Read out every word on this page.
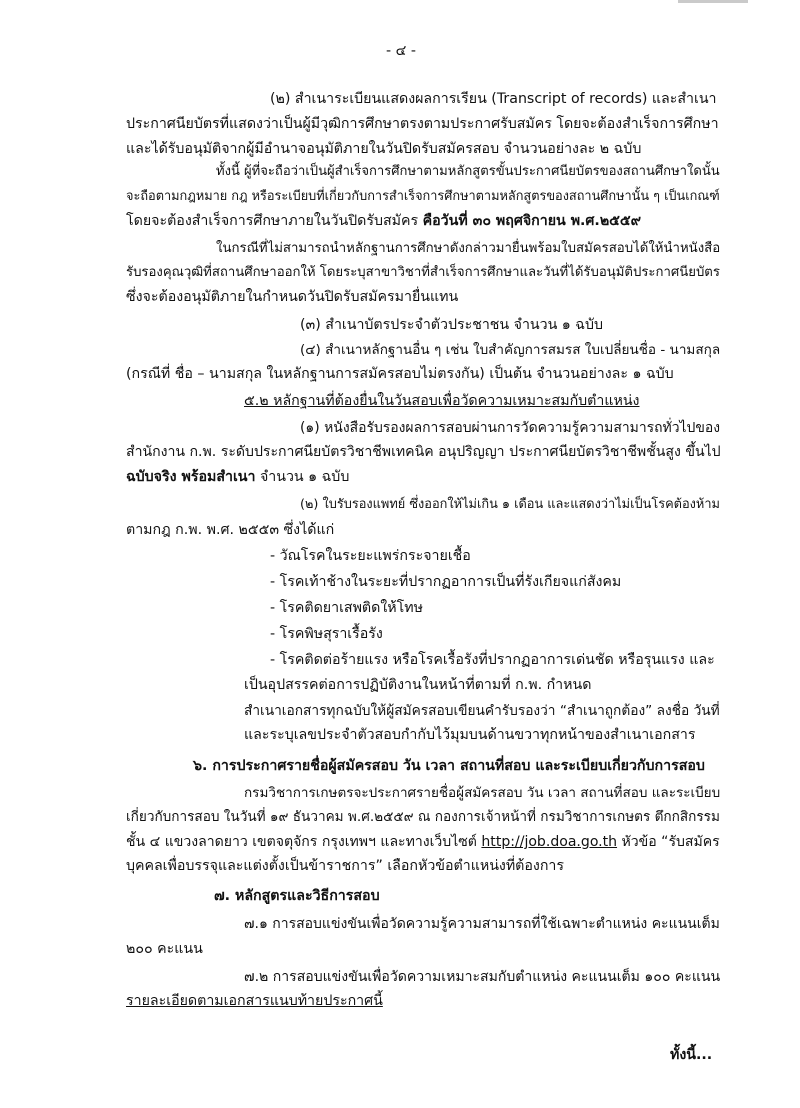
- ๔ -
(๒) สำเนาระเบียนแสดงผลการเรียน (Transcript of records) และสำเนา
ประกาศนียบัตรที่แสดงว่าเป็นผู้มีวุฒิการศึกษาตรงตามประกาศรับสมัคร โดยจะต้องสำเร็จการศึกษา
และได้รับอนุมัติจากผู้มีอำนาจอนุมัติภายในวันปิดรับสมัครสอบ จำนวนอย่างละ ๒ ฉบับ
ทั้งนี้ ผู้ที่จะถือว่าเป็นผู้สำเร็จการศึกษาตามหลักสูตรขั้นประกาศนียบัตรของสถานศึกษาใดนั้น
จะถือตามกฎหมาย กฎ หรือระเบียบที่เกี่ยวกับการสำเร็จการศึกษาตามหลักสูตรของสถานศึกษานั้น ๆ เป็นเกณฑ์
โดยจะต้องสำเร็จการศึกษาภายในวันปิดรับสมัคร คือวันที่ ๓๐ พฤศจิกายน พ.ศ.๒๕๕๙
ในกรณีที่ไม่สามารถนำหลักฐานการศึกษาดังกล่าวมายื่นพร้อมใบสมัครสอบได้ให้นำหนังสือ
รับรองคุณวุฒิที่สถานศึกษาออกให้ โดยระบุสาขาวิชาที่สำเร็จการศึกษาและวันที่ได้รับอนุมัติประกาศนียบัตร
ซึ่งจะต้องอนุมัติภายในกำหนดวันปิดรับสมัครมายื่นแทน
(๓) สำเนาบัตรประจำตัวประชาชน จำนวน ๑ ฉบับ
(๔) สำเนาหลักฐานอื่น ๆ เช่น ใบสำคัญการสมรส ใบเปลี่ยนชื่อ - นามสกุล
(กรณีที่ ชื่อ – นามสกุล ในหลักฐานการสมัครสอบไม่ตรงกัน) เป็นต้น จำนวนอย่างละ ๑ ฉบับ
๕.๒ หลักฐานที่ต้องยื่นในวันสอบเพื่อวัดความเหมาะสมกับตำแหน่ง
(๑) หนังสือรับรองผลการสอบผ่านการวัดความรู้ความสามารถทั่วไปของ
สำนักงาน ก.พ. ระดับประกาศนียบัตรวิชาชีพเทคนิค อนุปริญญา ประกาศนียบัตรวิชาชีพชั้นสูง ขึ้นไป
ฉบับจริง พร้อมสำเนา จำนวน ๑ ฉบับ
(๒) ใบรับรองแพทย์ ซึ่งออกให้ไม่เกิน ๑ เดือน และแสดงว่าไม่เป็นโรคต้องห้าม
ตามกฎ ก.พ. พ.ศ. ๒๕๕๓ ซึ่งได้แก่
- วัณโรคในระยะแพร่กระจายเชื้อ
- โรคเท้าช้างในระยะที่ปรากฏอาการเป็นที่รังเกียจแก่สังคม
- โรคติดยาเสพติดให้โทษ
- โรคพิษสุราเรื้อรัง
- โรคติดต่อร้ายแรง หรือโรคเรื้อรังที่ปรากฏอาการเด่นชัด หรือรุนแรง และ
เป็นอุปสรรคต่อการปฏิบัติงานในหน้าที่ตามที่ ก.พ. กำหนด
สำเนาเอกสารทุกฉบับให้ผู้สมัครสอบเขียนคำรับรองว่า “สำเนาถูกต้อง” ลงชื่อ วันที่
และระบุเลขประจำตัวสอบกำกับไว้มุมบนด้านขวาทุกหน้าของสำเนาเอกสาร
๖. การประกาศรายชื่อผู้สมัครสอบ วัน เวลา สถานที่สอบ และระเบียบเกี่ยวกับการสอบ
กรมวิชาการเกษตรจะประกาศรายชื่อผู้สมัครสอบ วัน เวลา สถานที่สอบ และระเบียบ
เกี่ยวกับการสอบ ในวันที่ ๑๙ ธันวาคม พ.ศ.๒๕๕๙ ณ กองการเจ้าหน้าที่ กรมวิชาการเกษตร ตึกกสิกรรม
ชั้น ๔ แขวงลาดยาว เขตจตุจักร กรุงเทพฯ และทางเว็บไซต์ http://job.doa.go.th หัวข้อ “รับสมัคร
บุคคลเพื่อบรรจุและแต่งตั้งเป็นข้าราชการ” เลือกหัวข้อตำแหน่งที่ต้องการ
๗. หลักสูตรและวิธีการสอบ
๗.๑ การสอบแข่งขันเพื่อวัดความรู้ความสามารถที่ใช้เฉพาะตำแหน่ง คะแนนเต็ม
๒๐๐ คะแนน
๗.๒ การสอบแข่งขันเพื่อวัดความเหมาะสมกับตำแหน่ง คะแนนเต็ม ๑๐๐ คะแนน
รายละเอียดตามเอกสารแนบท้ายประกาศนี้
ทั้งนี้...
